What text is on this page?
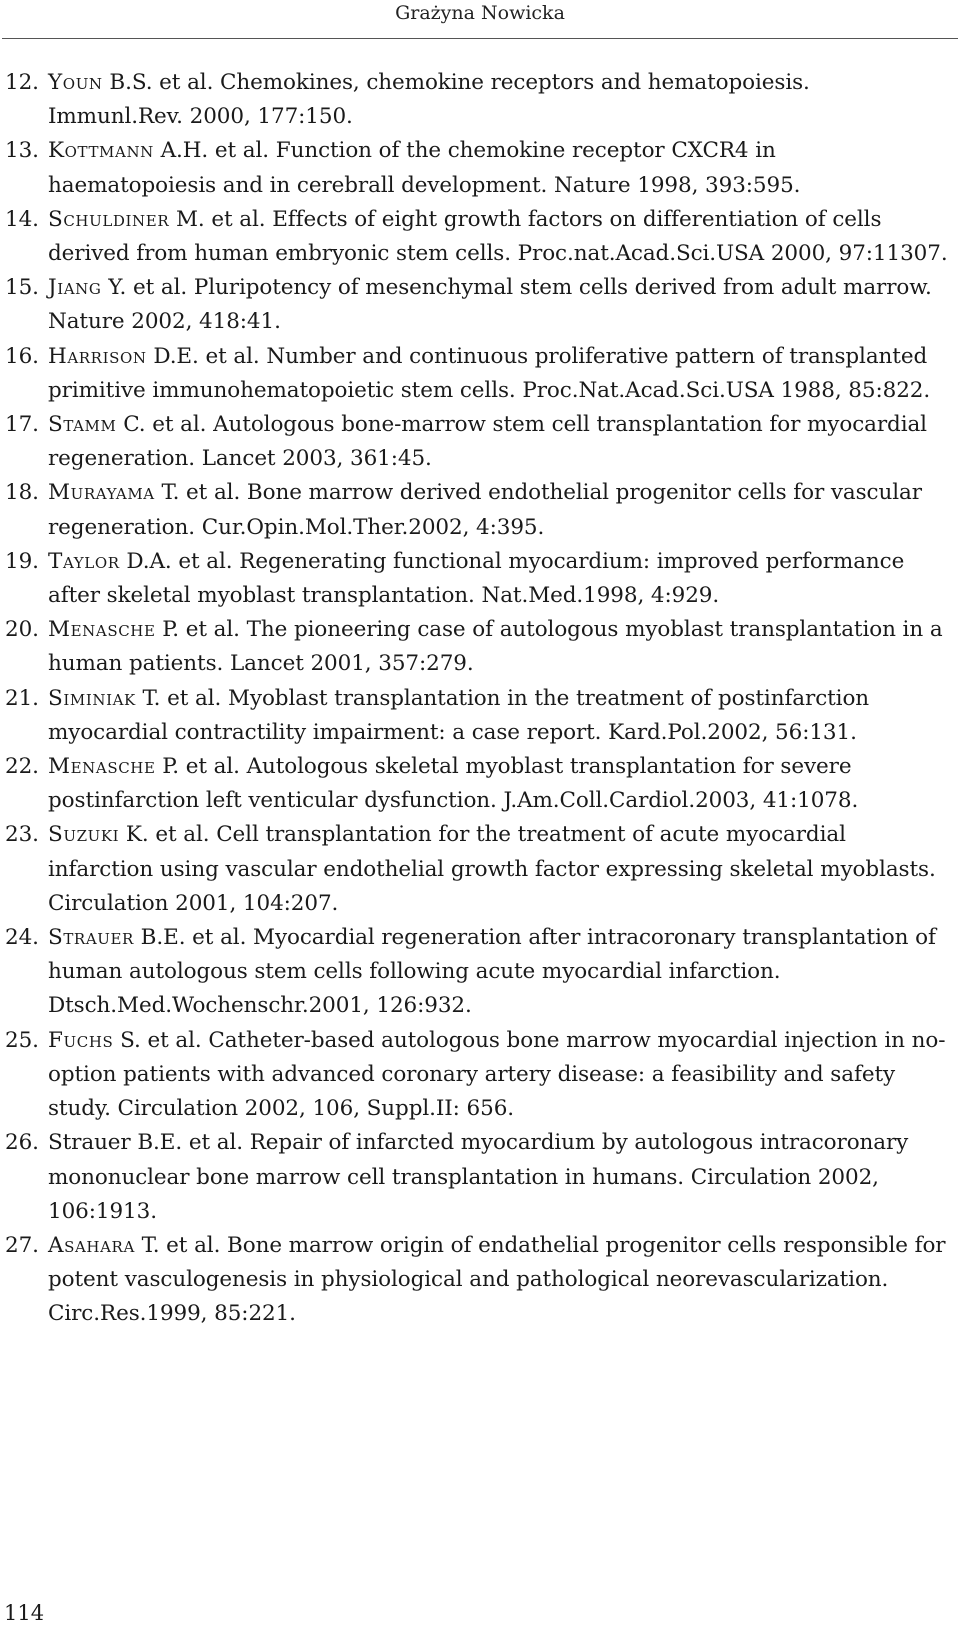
Grażyna Nowicka
12. Youn B.S. et al. Chemokines, chemokine receptors and hematopoiesis. Immunl.Rev. 2000, 177:150.
13. Kottmann A.H. et al. Function of the chemokine receptor CXCR4 in haematopoiesis and in cerebrall development. Nature 1998, 393:595.
14. Schuldiner M. et al. Effects of eight growth factors on differentiation of cells derived from human embryonic stem cells. Proc.nat.Acad.Sci.USA 2000, 97:11307.
15. Jiang Y. et al. Pluripotency of mesenchymal stem cells derived from adult marrow. Nature 2002, 418:41.
16. Harrison D.E. et al. Number and continuous proliferative pattern of transplanted primitive immunohematopoietic stem cells. Proc.Nat.Acad.Sci.USA 1988, 85:822.
17. Stamm C. et al. Autologous bone-marrow stem cell transplantation for myocardial regeneration. Lancet 2003, 361:45.
18. Murayama T. et al. Bone marrow derived endothelial progenitor cells for vascular regeneration. Cur.Opin.Mol.Ther.2002, 4:395.
19. Taylor D.A. et al. Regenerating functional myocardium: improved performance after skeletal myoblast transplantation. Nat.Med.1998, 4:929.
20. Menasche P. et al. The pioneering case of autologous myoblast transplantation in a human patients. Lancet 2001, 357:279.
21. Siminiak T. et al. Myoblast transplantation in the treatment of postinfarction myocardial contractility impairment: a case report. Kard.Pol.2002, 56:131.
22. Menasche P. et al. Autologous skeletal myoblast transplantation for severe postinfarction left venticular dysfunction. J.Am.Coll.Cardiol.2003, 41:1078.
23. Suzuki K. et al. Cell transplantation for the treatment of acute myocardial infarction using vascular endothelial growth factor expressing skeletal myoblasts. Circulation 2001, 104:207.
24. Strauer B.E. et al. Myocardial regeneration after intracoronary transplantation of human autologous stem cells following acute myocardial infarction. Dtsch.Med.Wochenschr.2001, 126:932.
25. Fuchs S. et al. Catheter-based autologous bone marrow myocardial injection in no-option patients with advanced coronary artery disease: a feasibility and safety study. Circulation 2002, 106, Suppl.II: 656.
26. Strauer B.E. et al. Repair of infarcted myocardium by autologous intracoronary mononuclear bone marrow cell transplantation in humans. Circulation 2002, 106:1913.
27. Asahara T. et al. Bone marrow origin of endathelial progenitor cells responsible for potent vasculogenesis in physiological and pathological neorevascularization. Circ.Res.1999, 85:221.
114
